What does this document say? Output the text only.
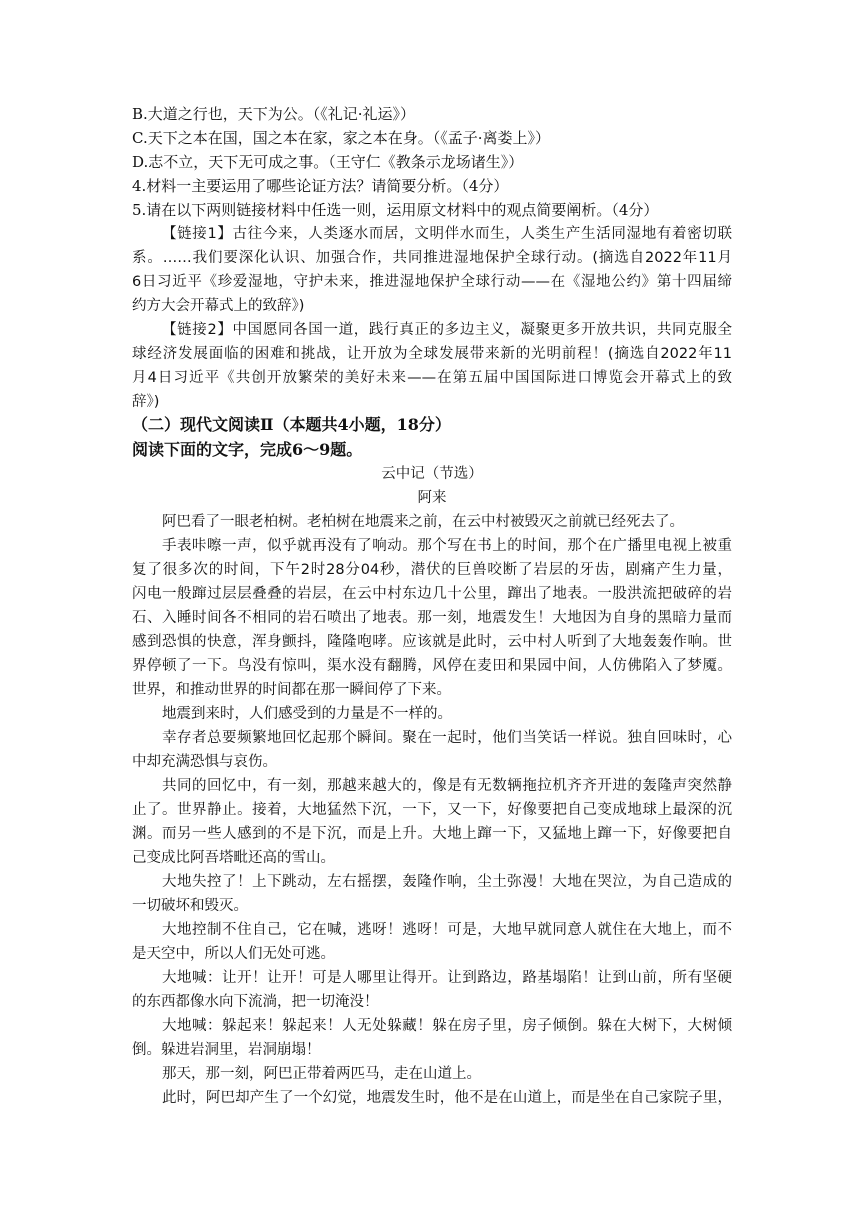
B.大道之行也，天下为公。（《礼记·礼运》）
C.天下之本在国，国之本在家，家之本在身。（《孟子·离娄上》）
D.志不立，天下无可成之事。（王守仁《教条示龙场诸生》）
4.材料一主要运用了哪些论证方法？请简要分析。（4分）
5.请在以下两则链接材料中任选一则，运用原文材料中的观点简要阐析。（4分）
【链接1】古往今来，人类逐水而居，文明伴水而生，人类生产生活同湿地有着密切联
系。……我们要深化认识、加强合作，共同推进湿地保护全球行动。(摘选自2022年11月
6日习近平《珍爱湿地，守护未来，推进湿地保护全球行动——在《湿地公约》第十四届缔
约方大会开幕式上的致辞》)
【链接2】中国愿同各国一道，践行真正的多边主义，凝聚更多开放共识，共同克服全
球经济发展面临的困难和挑战，让开放为全球发展带来新的光明前程！(摘选自2022年11
月4日习近平《共创开放繁荣的美好未来——在第五届中国国际进口博览会开幕式上的致
辞》)
（二）现代文阅读Ⅱ（本题共4小题，18分）
阅读下面的文字，完成6～9题。
云中记（节选）
阿来
阿巴看了一眼老柏树。老柏树在地震来之前，在云中村被毁灭之前就已经死去了。
手表咔嚓一声，似乎就再没有了响动。那个写在书上的时间，那个在广播里电视上被重
复了很多次的时间，下午2时28分04秒，潜伏的巨兽咬断了岩层的牙齿，剧痛产生力量，
闪电一般蹿过层层叠叠的岩层，在云中村东边几十公里，蹿出了地表。一股洪流把破碎的岩
石、入睡时间各不相同的岩石喷出了地表。那一刻，地震发生！大地因为自身的黑暗力量而
感到恐惧的快意，浑身颤抖，隆隆咆哮。应该就是此时，云中村人听到了大地轰轰作响。世
界停顿了一下。鸟没有惊叫，渠水没有翻腾，风停在麦田和果园中间，人仿佛陷入了梦魇。
世界，和推动世界的时间都在那一瞬间停了下来。
地震到来时，人们感受到的力量是不一样的。
幸存者总要频繁地回忆起那个瞬间。聚在一起时，他们当笑话一样说。独自回味时，心
中却充满恐惧与哀伤。
共同的回忆中，有一刻，那越来越大的，像是有无数辆拖拉机齐齐开进的轰隆声突然静
止了。世界静止。接着，大地猛然下沉，一下，又一下，好像要把自己变成地球上最深的沉
渊。而另一些人感到的不是下沉，而是上升。大地上蹿一下，又猛地上蹿一下，好像要把自
己变成比阿吾塔毗还高的雪山。
大地失控了！上下跳动，左右摇摆，轰隆作响，尘土弥漫！大地在哭泣，为自己造成的
一切破坏和毁灭。
大地控制不住自己，它在喊，逃呀！逃呀！可是，大地早就同意人就住在大地上，而不
是天空中，所以人们无处可逃。
大地喊：让开！让开！可是人哪里让得开。让到路边，路基塌陷！让到山前，所有坚硬
的东西都像水向下流淌，把一切淹没！
大地喊：躲起来！躲起来！人无处躲藏！躲在房子里，房子倾倒。躲在大树下，大树倾
倒。躲进岩洞里，岩洞崩塌！
那天，那一刻，阿巴正带着两匹马，走在山道上。
此时，阿巴却产生了一个幻觉，地震发生时，他不是在山道上，而是坐在自己家院子里，
